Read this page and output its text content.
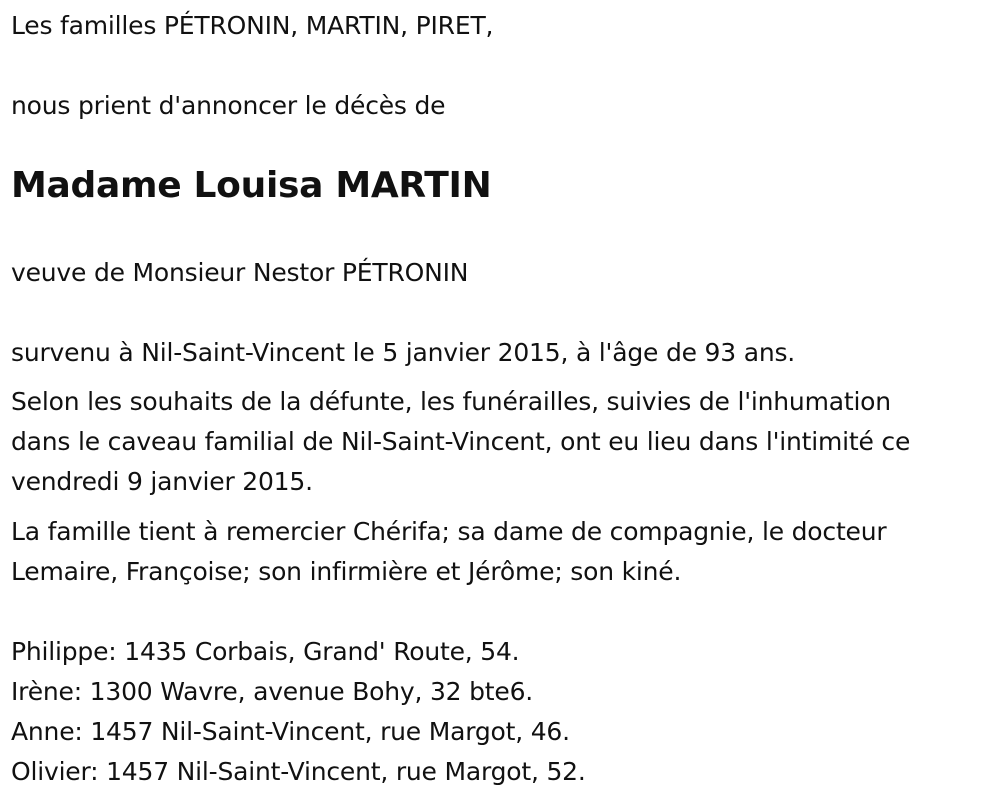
Les familles PÉTRONIN, MARTIN, PIRET,
nous prient d'annoncer le décès de
Madame Louisa MARTIN
veuve de Monsieur Nestor PÉTRONIN
survenu à Nil-Saint-Vincent le 5 janvier 2015, à l'âge de 93 ans.
Selon les souhaits de la défunte, les funérailles, suivies de l'inhumation
dans le caveau familial de Nil-Saint-Vincent, ont eu lieu dans l'intimité ce
vendredi 9 janvier 2015.
La famille tient à remercier Chérifa; sa dame de compagnie, le docteur
Lemaire, Françoise; son infirmière et Jérôme; son kiné.
Philippe: 1435 Corbais, Grand' Route, 54.
Irène: 1300 Wavre, avenue Bohy, 32 bte6.
Anne: 1457 Nil-Saint-Vincent, rue Margot, 46.
Olivier: 1457 Nil-Saint-Vincent, rue Margot, 52.
